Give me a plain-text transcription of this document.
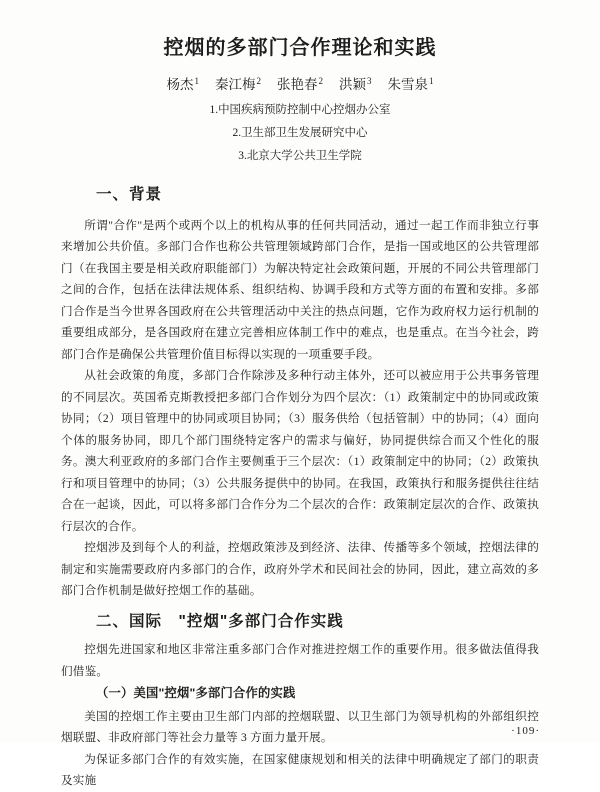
控烟的多部门合作理论和实践
杨杰$^1$ 秦江梅$^2$ 张艳春$^2$ 洪颖$^3$ 朱雪泉$^1$
1.中国疾病预防控制中心控烟办公室
2.卫生部卫生发展研究中心
3.北京大学公共卫生学院
一、背景

所谓"合作"是两个或两个以上的机构从事的任何共同活动，通过一起工作而非独立行事来增加公共价值。多部门合作也称公共管理领域跨部门合作，是指一国或地区的公共管理部门（在我国主要是相关政府职能部门）为解决特定社会政策问题，开展的不同公共管理部门之间的合作，包括在法律法规体系、组织结构、协调手段和方式等方面的布置和安排。多部门合作是当今世界各国政府在公共管理活动中关注的热点问题，它作为政府权力运行机制的重要组成部分，是各国政府在建立完善相应体制工作中的难点，也是重点。在当今社会，跨部门合作是确保公共管理价值目标得以实现的一项重要手段。

从社会政策的角度，多部门合作除涉及多种行动主体外，还可以被应用于公共事务管理的不同层次。英国希克斯教授把多部门合作划分为四个层次：（1）政策制定中的协同或政策协同；（2）项目管理中的协同或项目协同；（3）服务供给（包括管制）中的协同；（4）面向个体的服务协同，即几个部门围绕特定客户的需求与偏好，协同提供综合而又个性化的服务。澳大利亚政府的多部门合作主要侧重于三个层次：（1）政策制定中的协同；（2）政策执行和项目管理中的协同；（3）公共服务提供中的协同。在我国，政策执行和服务提供往往结合在一起谈，因此，可以将多部门合作分为二个层次的合作：政策制定层次的合作、政策执行层次的合作。

控烟涉及到每个人的利益，控烟政策涉及到经济、法律、传播等多个领域，控烟法律的制定和实施需要政府内多部门的合作，政府外学术和民间社会的协同，因此，建立高效的多部门合作机制是做好控烟工作的基础。

二、国际　"控烟"多部门合作实践

控烟先进国家和地区非常注重多部门合作对推进控烟工作的重要作用。很多做法值得我们借鉴。

（一）美国"控烟"多部门合作的实践

美国的控烟工作主要由卫生部门内部的控烟联盟、以卫生部门为领导机构的外部组织控烟联盟、非政府部门等社会力量等 3 方面力量开展。

为保证多部门合作的有效实施，在国家健康规划和相关的法律中明确规定了部门的职责及实施

·109·
